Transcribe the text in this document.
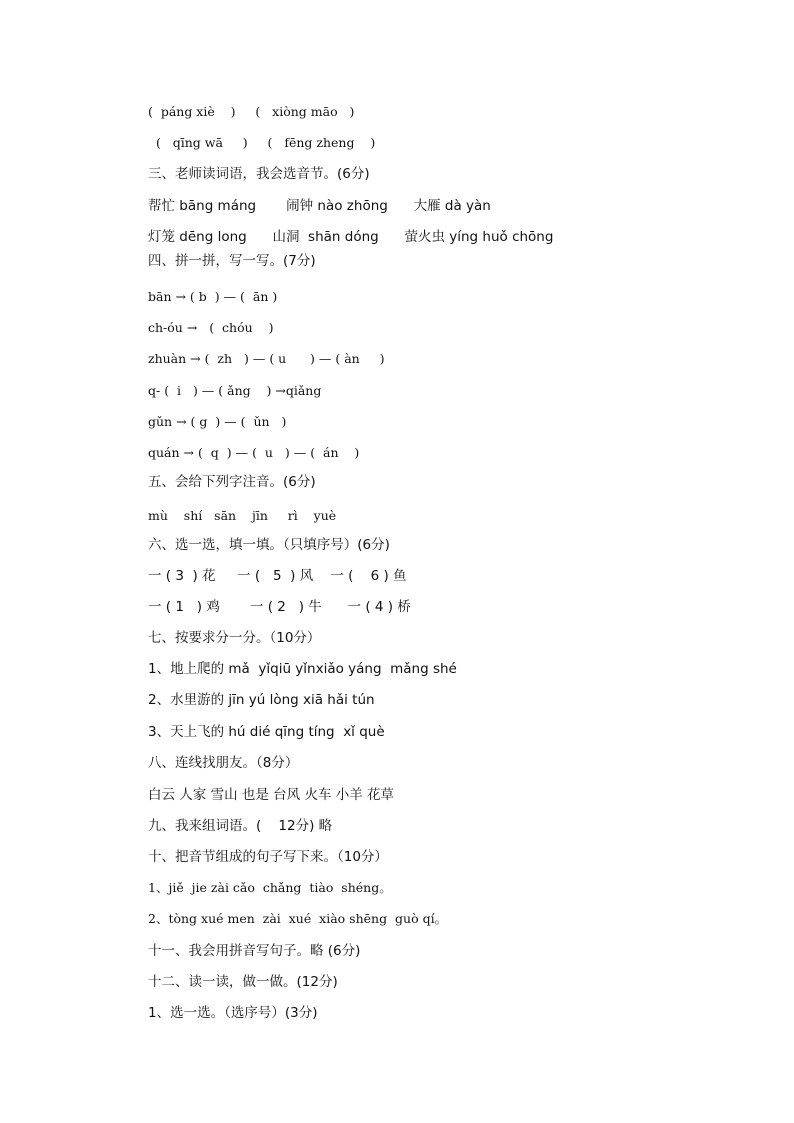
(  páng xiè    )     (   xiòng māo   )
(   qīng wā     )     (   fēng zheng    )
三、老师读词语，我会选音节。(6分)
帮忙 bāng máng       闹钟 nào zhōng      大雁 dà yàn
灯笼 dēng long      山洞  shān dóng      萤火虫 yíng huǒ chōng
四、拼一拼，写一写。(7分)
bān → ( b  ) — (  ān )
ch-óu →   (  chóu    )
zhuàn → (  zh   ) — ( u      ) — ( àn     )
q- (  i   ) — ( ǎng    ) →qiǎng
gǔn → ( g  ) — (  ǔn   )
quán → (  q  ) — (  u   ) — (  án    )
五、会给下列字注音。(6分)
mù    shí   sān    jīn     rì    yuè
六、选一选，填一填。（只填序号）(6分)
一 ( 3  ) 花     一 (   5  ) 风    一 (    6 ) 鱼
一 ( 1   ) 鸡       一 ( 2   ) 牛      一 ( 4 ) 桥
七、按要求分一分。（10分）
1、地上爬的 mǎ  yǐqiū yǐnxiǎo yáng  mǎng shé
2、水里游的 jīn yú lòng xiā hǎi tún
3、天上飞的 hú dié qīng tíng  xǐ què
八、连线找朋友。（8分）
白云 人家 雪山 也是 台风 火车 小羊 花草
九、我来组词语。(    12分) 略
十、把音节组成的句子写下来。（10分）
1、jiě  jie zài cǎo  chǎng  tiào  shéng。
2、tòng xué men  zài  xué  xiào shēng  guò qí。
十一、我会用拼音写句子。略 (6分)
十二、读一读，做一做。(12分)
1、选一选。（选序号）(3分)
